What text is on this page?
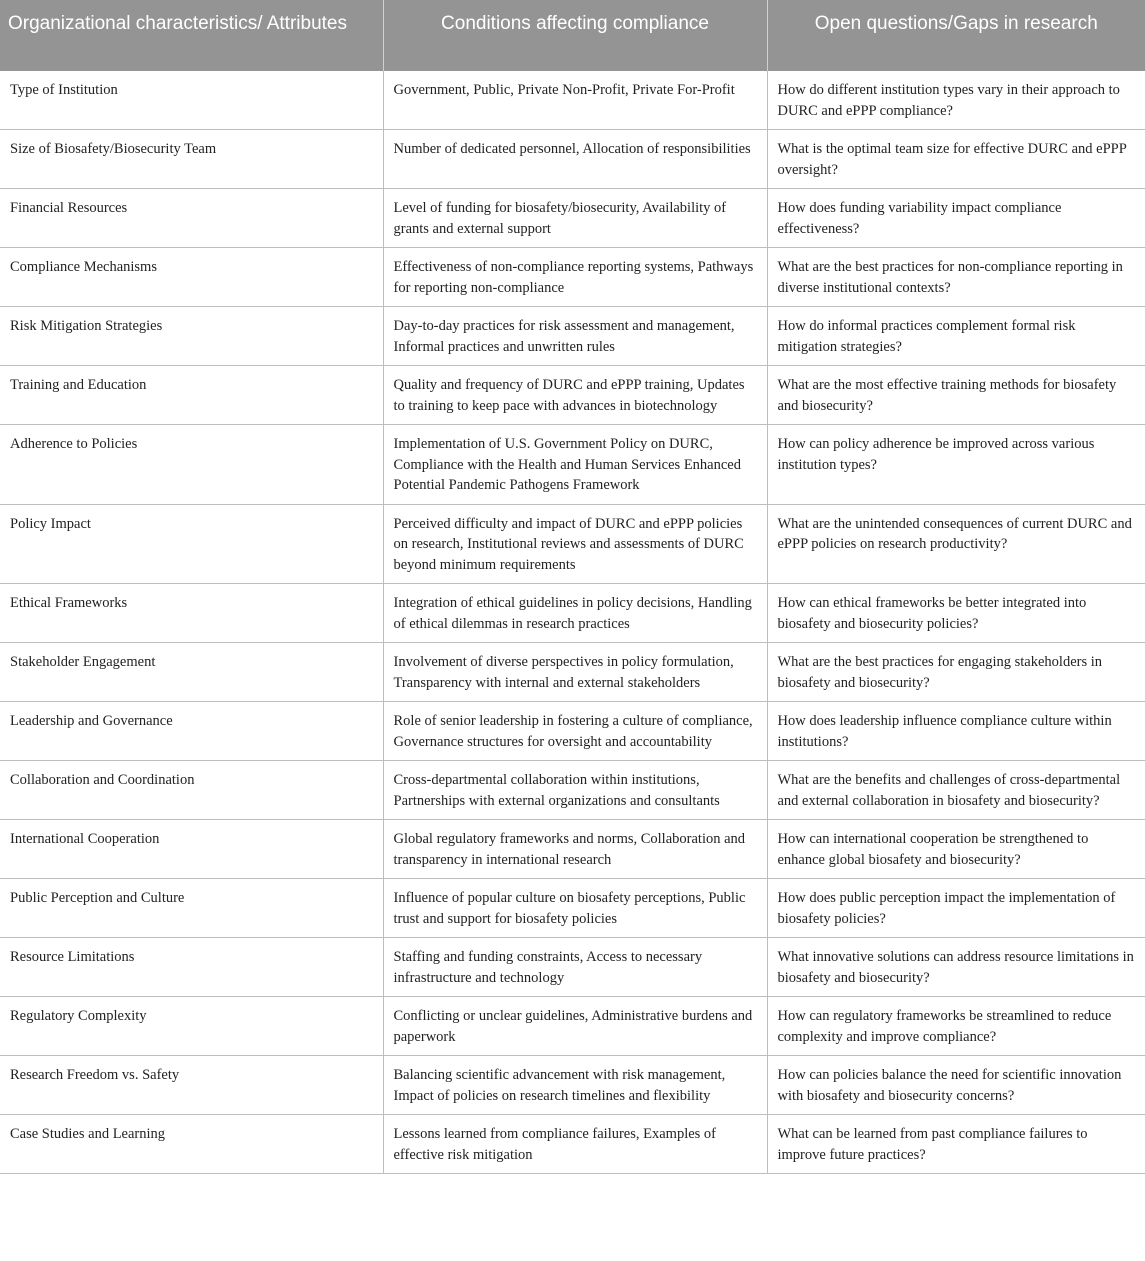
Organizational characteristics/ Attributes	Conditions affecting compliance	Open questions/Gaps in research
Type of Institution	Government, Public, Private Non-Profit, Private For-Profit	How do different institution types vary in their approach to DURC and ePPP compliance?
Size of Biosafety/Biosecurity Team	Number of dedicated personnel, Allocation of responsibilities	What is the optimal team size for effective DURC and ePPP oversight?
Financial Resources	Level of funding for biosafety/biosecurity, Availability of grants and external support	How does funding variability impact compliance effectiveness?
Compliance Mechanisms	Effectiveness of non-compliance reporting systems, Pathways for reporting non-compliance	What are the best practices for non-compliance reporting in diverse institutional contexts?
Risk Mitigation Strategies	Day-to-day practices for risk assessment and management, Informal practices and unwritten rules	How do informal practices complement formal risk mitigation strategies?
Training and Education	Quality and frequency of DURC and ePPP training, Updates to training to keep pace with advances in biotechnology	What are the most effective training methods for biosafety and biosecurity?
Adherence to Policies	Implementation of U.S. Government Policy on DURC, Compliance with the Health and Human Services Enhanced Potential Pandemic Pathogens Framework	How can policy adherence be improved across various institution types?
Policy Impact	Perceived difficulty and impact of DURC and ePPP policies on research, Institutional reviews and assessments of DURC beyond minimum requirements	What are the unintended consequences of current DURC and ePPP policies on research productivity?
Ethical Frameworks	Integration of ethical guidelines in policy decisions, Handling of ethical dilemmas in research practices	How can ethical frameworks be better integrated into biosafety and biosecurity policies?
Stakeholder Engagement	Involvement of diverse perspectives in policy formulation, Transparency with internal and external stakeholders	What are the best practices for engaging stakeholders in biosafety and biosecurity?
Leadership and Governance	Role of senior leadership in fostering a culture of compliance, Governance structures for oversight and accountability	How does leadership influence compliance culture within institutions?
Collaboration and Coordination	Cross-departmental collaboration within institutions, Partnerships with external organizations and consultants	What are the benefits and challenges of cross-departmental and external collaboration in biosafety and biosecurity?
International Cooperation	Global regulatory frameworks and norms, Collaboration and transparency in international research	How can international cooperation be strengthened to enhance global biosafety and biosecurity?
Public Perception and Culture	Influence of popular culture on biosafety perceptions, Public trust and support for biosafety policies	How does public perception impact the implementation of biosafety policies?
Resource Limitations	Staffing and funding constraints, Access to necessary infrastructure and technology	What innovative solutions can address resource limitations in biosafety and biosecurity?
Regulatory Complexity	Conflicting or unclear guidelines, Administrative burdens and paperwork	How can regulatory frameworks be streamlined to reduce complexity and improve compliance?
Research Freedom vs. Safety	Balancing scientific advancement with risk management, Impact of policies on research timelines and flexibility	How can policies balance the need for scientific innovation with biosafety and biosecurity concerns?
Case Studies and Learning	Lessons learned from compliance failures, Examples of effective risk mitigation	What can be learned from past compliance failures to improve future practices?
